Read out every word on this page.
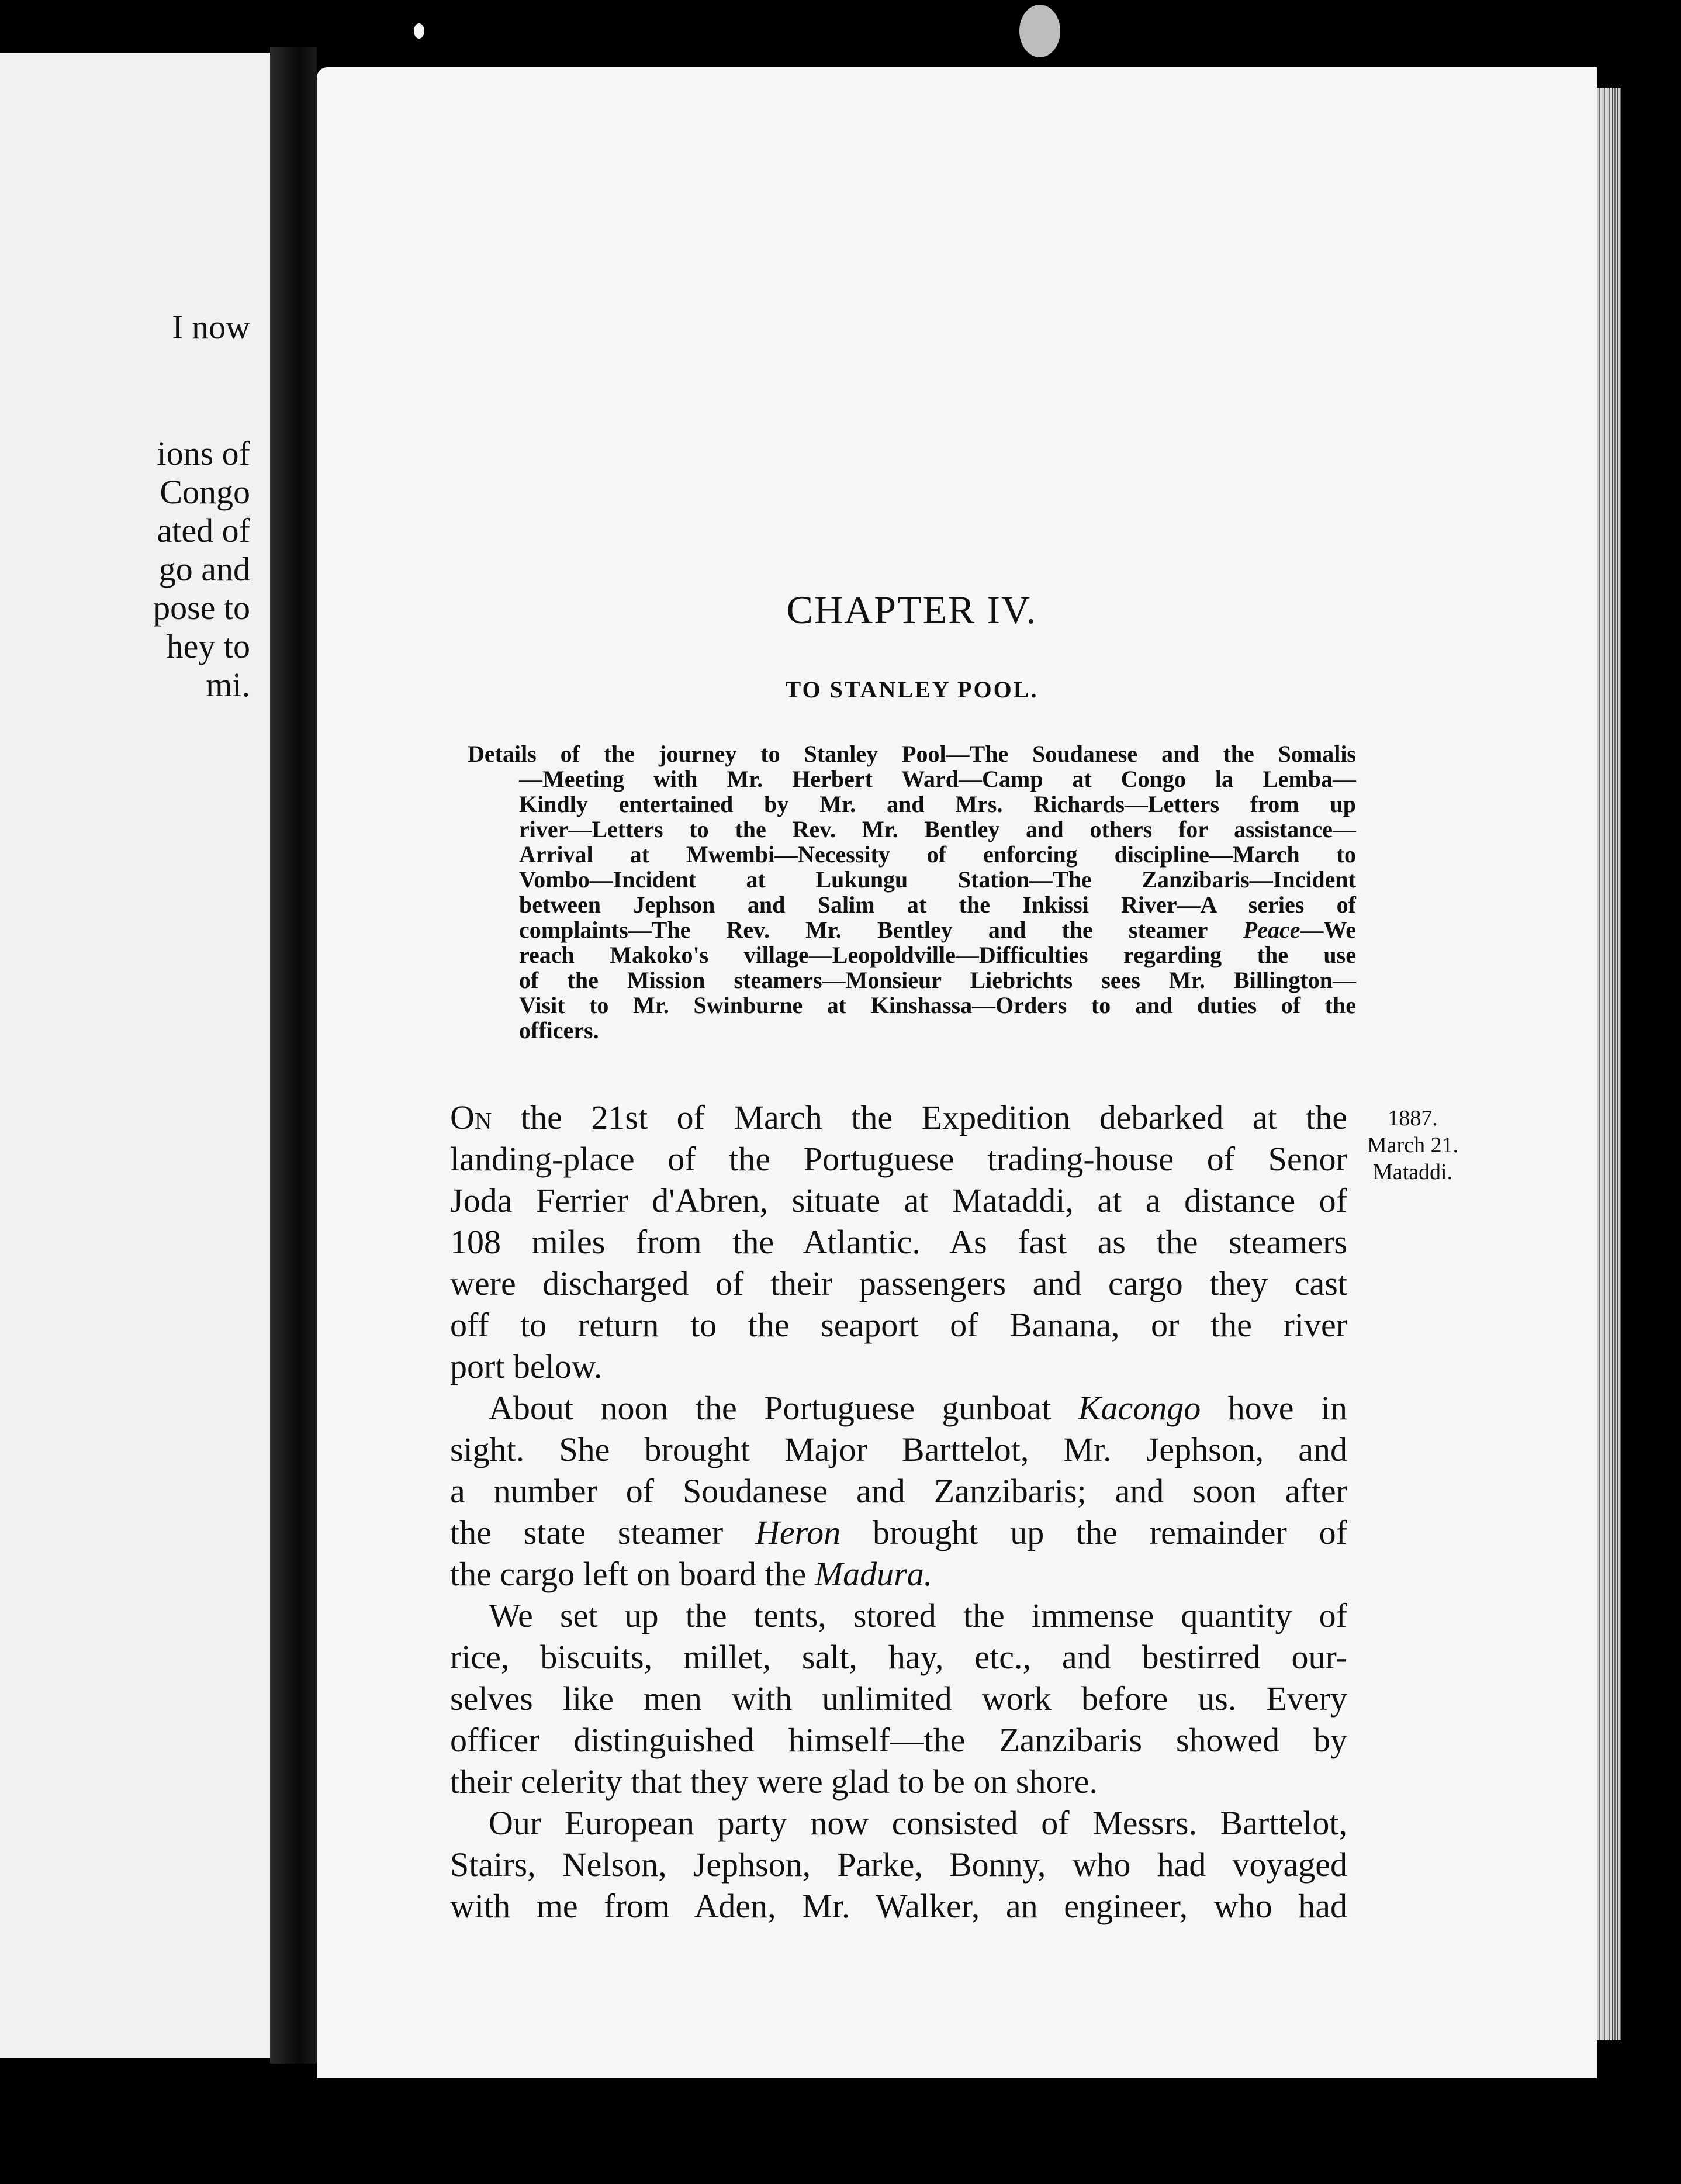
I now
ions of
Congo
ated of
go and
pose to
hey to
mi.
CHAPTER IV.
TO STANLEY POOL.
Details of the journey to Stanley Pool—The Soudanese and the Somalis
—Meeting with Mr. Herbert Ward—Camp at Congo la Lemba—
Kindly entertained by Mr. and Mrs. Richards—Letters from up
river—Letters to the Rev. Mr. Bentley and others for assistance—
Arrival at Mwembi—Necessity of enforcing discipline—March to
Vombo—Incident at Lukungu Station—The Zanzibaris—Incident
between Jephson and Salim at the Inkissi River—A series of
complaints—The Rev. Mr. Bentley and the steamer Peace—We
reach Makoko's village—Leopoldville—Difficulties regarding the use
of the Mission steamers—Monsieur Liebrichts sees Mr. Billington—
Visit to Mr. Swinburne at Kinshassa—Orders to and duties of the
officers.
1887.
March 21.
Mataddi.
On the 21st of March the Expedition debarked at the
landing-place of the Portuguese trading-house of Senor
Joda Ferrier d'Abren, situate at Mataddi, at a distance of
108 miles from the Atlantic. As fast as the steamers
were discharged of their passengers and cargo they cast
off to return to the seaport of Banana, or the river
port below.
About noon the Portuguese gunboat Kacongo hove in
sight. She brought Major Barttelot, Mr. Jephson, and
a number of Soudanese and Zanzibaris; and soon after
the state steamer Heron brought up the remainder of
the cargo left on board the Madura.
We set up the tents, stored the immense quantity of
rice, biscuits, millet, salt, hay, etc., and bestirred our-
selves like men with unlimited work before us. Every
officer distinguished himself—the Zanzibaris showed by
their celerity that they were glad to be on shore.
Our European party now consisted of Messrs. Barttelot,
Stairs, Nelson, Jephson, Parke, Bonny, who had voyaged
with me from Aden, Mr. Walker, an engineer, who had
